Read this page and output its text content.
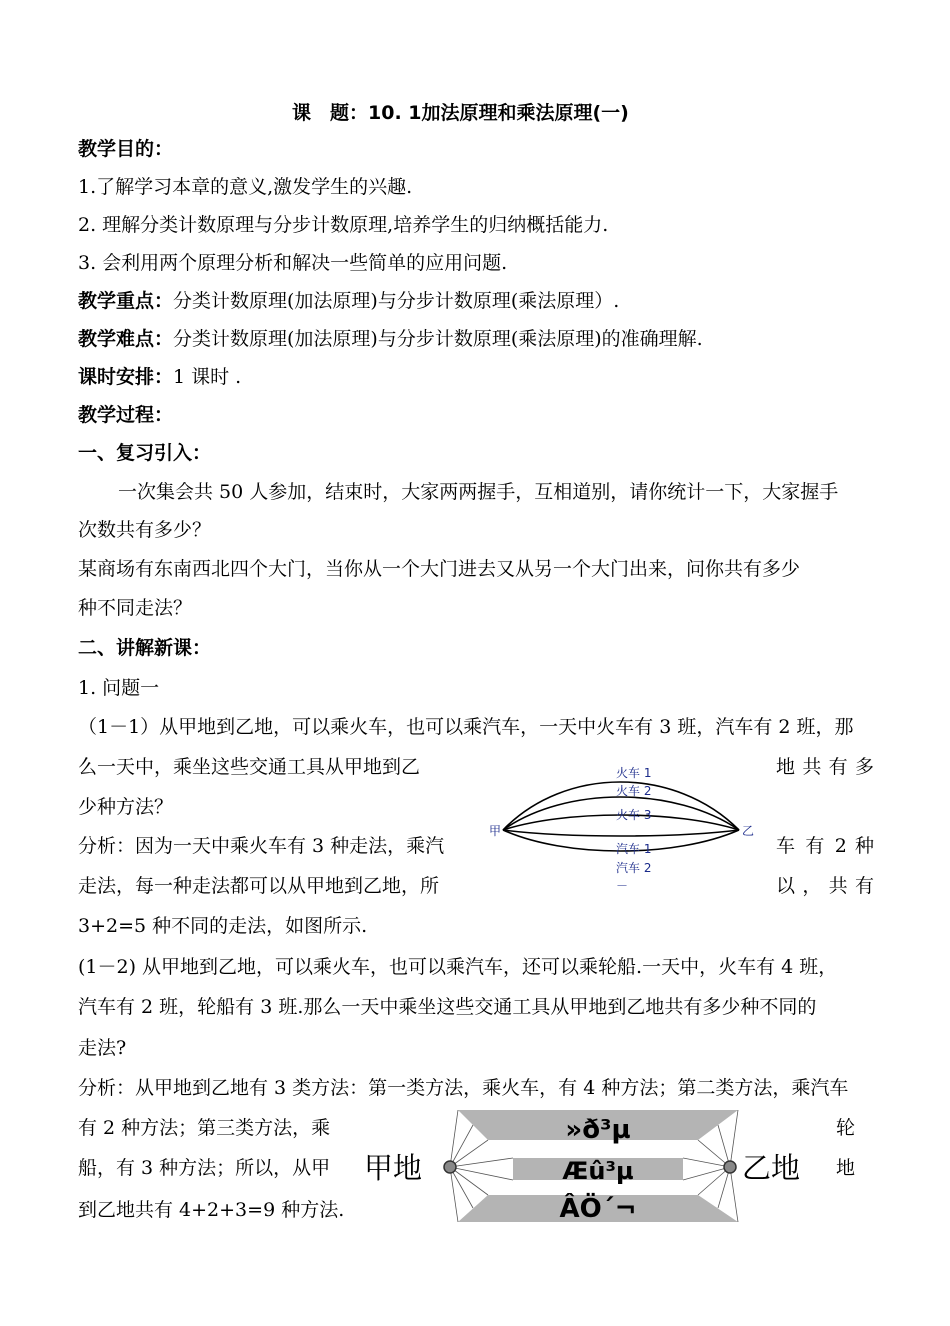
课　题：10. 1加法原理和乘法原理(一)
教学目的：
1.了解学习本章的意义,激发学生的兴趣.
2. 理解分类计数原理与分步计数原理,培养学生的归纳概括能力.
3. 会利用两个原理分析和解决一些简单的应用问题.
教学重点：分类计数原理(加法原理)与分步计数原理(乘法原理）.
教学难点：分类计数原理(加法原理)与分步计数原理(乘法原理)的准确理解.
课时安排：1 课时 .
教学过程：
一、复习引入：
一次集会共 50 人参加，结束时，大家两两握手，互相道别，请你统计一下，大家握手
次数共有多少？
某商场有东南西北四个大门，当你从一个大门进去又从另一个大门出来，问你共有多少
种不同走法？
二、讲解新课：
1. 问题一
（1－1）从甲地到乙地，可以乘火车，也可以乘汽车，一天中火车有 3 班，汽车有 2 班，那
么一天中，乘坐这些交通工具从甲地到乙	地 共 有 多
少种方法？
分析：因为一天中乘火车有 3 种走法，乘汽	车 有 2 种
走法，每一种走法都可以从甲地到乙地，所	以 ， 共 有
3+2=5 种不同的走法，如图所示.
(1－2) 从甲地到乙地，可以乘火车，也可以乘汽车，还可以乘轮船.一天中，火车有 4 班，
汽车有 2 班，轮船有 3 班.那么一天中乘坐这些交通工具从甲地到乙地共有多少种不同的
走法?
分析：从甲地到乙地有 3 类方法：第一类方法，乘火车，有 4 种方法；第二类方法，乘汽车
有 2 种方法；第三类方法，乘	轮
船，有 3 种方法；所以，从甲	地
到乙地共有 4+2+3=9 种方法.
甲	乙
火车 1
火车 2
火车 3
汽车 1
汽车 2
－
甲地	乙地
»ð³µ
Æû³µ
ÂÖ´¬
